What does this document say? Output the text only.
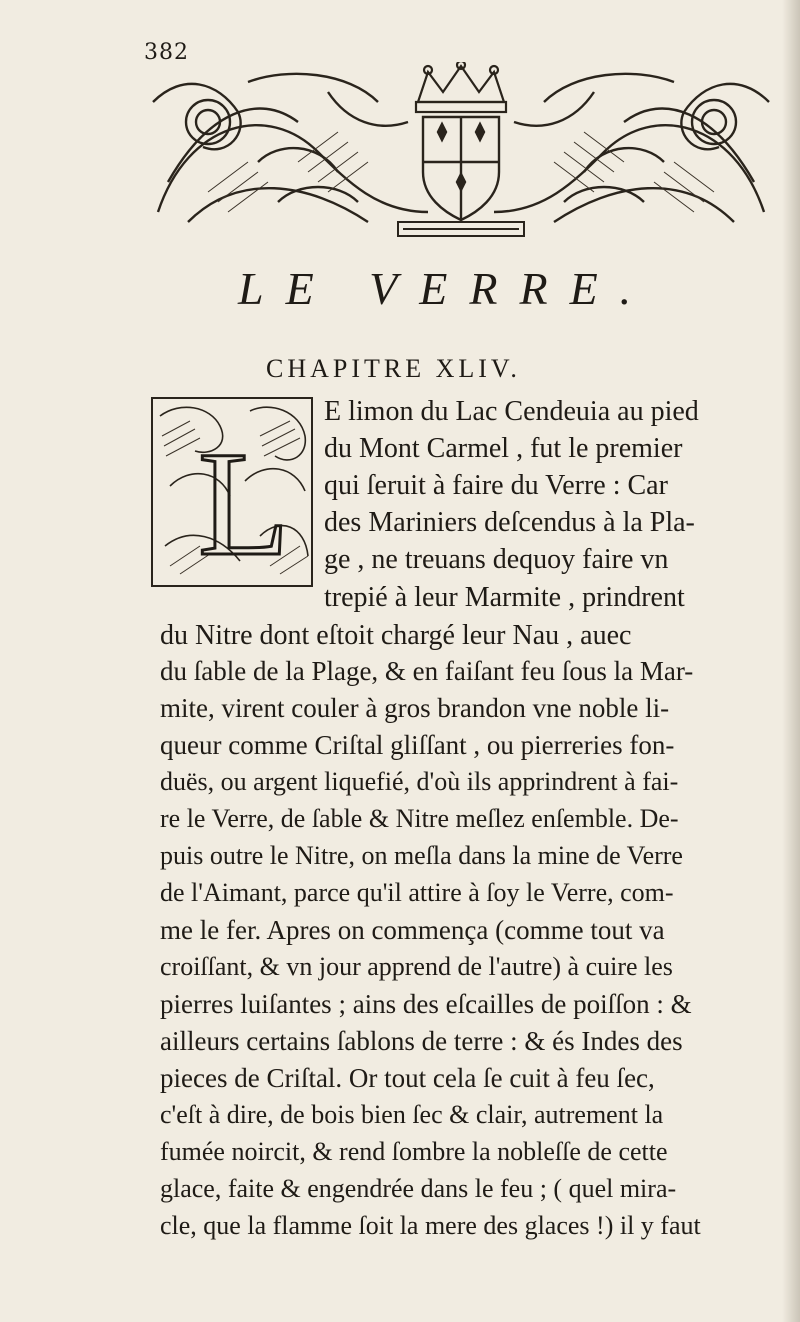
382
LE VERRE.
CHAPITRE XLIV.
L
E limon du Lac Cendeuia au pied
du Mont Carmel , fut le premier
qui ſeruit à faire du Verre : Car
des Mariniers deſcendus à la Pla-
ge , ne treuans dequoy faire vn
trepié à leur Marmite , prindrent
du Nitre dont eſtoit chargé leur Nau , auec
du ſable de la Plage, & en faiſant feu ſous la Mar-
mite, virent couler à gros brandon vne noble li-
queur comme Criſtal gliſſant , ou pierreries fon-
duës, ou argent liquefié, d'où ils apprindrent à fai-
re le Verre, de ſable & Nitre meſlez enſemble. De-
puis outre le Nitre, on meſla dans la mine de Verre
de l'Aimant, parce qu'il attire à ſoy le Verre, com-
me le fer. Apres on commença (comme tout va
croiſſant, & vn jour apprend de l'autre) à cuire les
pierres luiſantes ; ains des eſcailles de poiſſon : &
ailleurs certains ſablons de terre : & és Indes des
pieces de Criſtal. Or tout cela ſe cuit à feu ſec,
c'eſt à dire, de bois bien ſec & clair, autrement la
fumée noircit, & rend ſombre la nobleſſe de cette
glace, faite & engendrée dans le feu ; ( quel mira-
cle, que la flamme ſoit la mere des glaces !) il y faut
